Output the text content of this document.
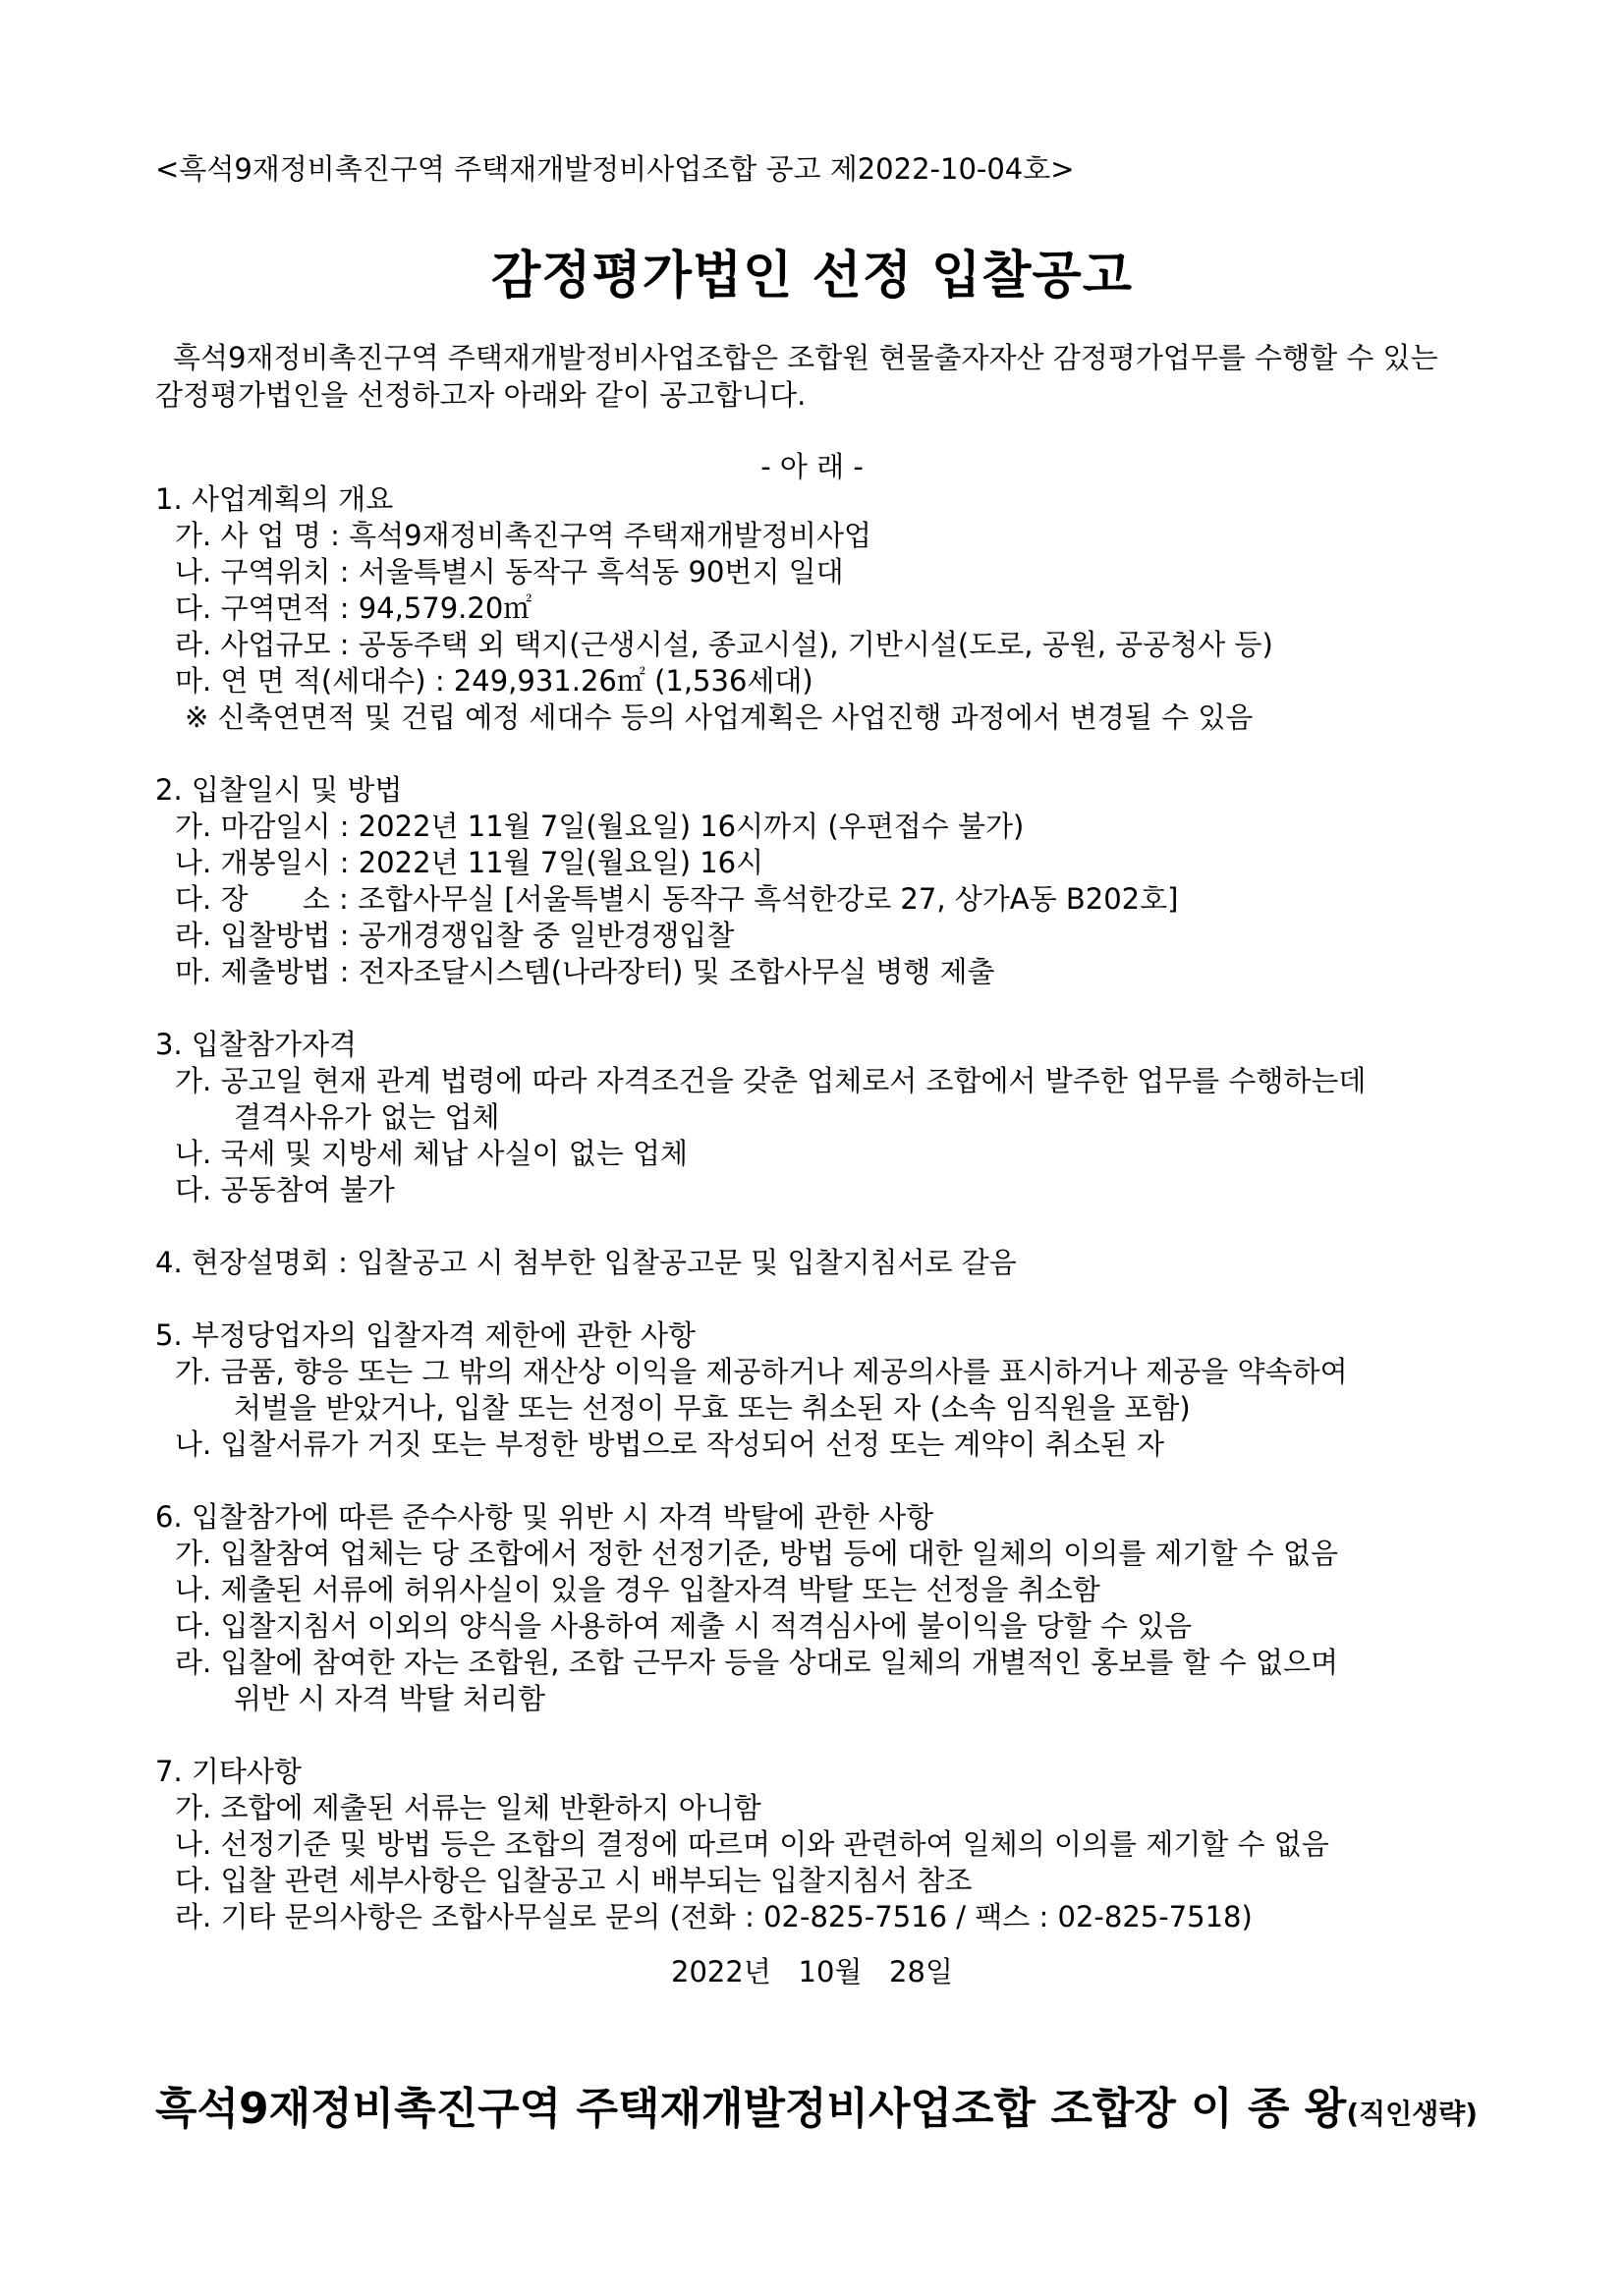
<흑석9재정비촉진구역 주택재개발정비사업조합 공고 제2022-10-04호>
감정평가법인 선정 입찰공고
흑석9재정비촉진구역 주택재개발정비사업조합은 조합원 현물출자자산 감정평가업무를 수행할 수 있는
감정평가법인을 선정하고자 아래와 같이 공고합니다.
- 아 래 -
1. 사업계획의 개요
가. 사 업 명 : 흑석9재정비촉진구역 주택재개발정비사업
나. 구역위치 : 서울특별시 동작구 흑석동 90번지 일대
다. 구역면적 : 94,579.20㎡
라. 사업규모 : 공동주택 외 택지(근생시설, 종교시설), 기반시설(도로, 공원, 공공청사 등)
마. 연 면 적(세대수) : 249,931.26㎡ (1,536세대)
※ 신축연면적 및 건립 예정 세대수 등의 사업계획은 사업진행 과정에서 변경될 수 있음
2. 입찰일시 및 방법
가. 마감일시 : 2022년 11월 7일(월요일) 16시까지 (우편접수 불가)
나. 개봉일시 : 2022년 11월 7일(월요일) 16시
다. 장      소 : 조합사무실 [서울특별시 동작구 흑석한강로 27, 상가A동 B202호]
라. 입찰방법 : 공개경쟁입찰 중 일반경쟁입찰
마. 제출방법 : 전자조달시스템(나라장터) 및 조합사무실 병행 제출
3. 입찰참가자격
가. 공고일 현재 관계 법령에 따라 자격조건을 갖춘 업체로서 조합에서 발주한 업무를 수행하는데
결격사유가 없는 업체
나. 국세 및 지방세 체납 사실이 없는 업체
다. 공동참여 불가
4. 현장설명회 : 입찰공고 시 첨부한 입찰공고문 및 입찰지침서로 갈음
5. 부정당업자의 입찰자격 제한에 관한 사항
가. 금품, 향응 또는 그 밖의 재산상 이익을 제공하거나 제공의사를 표시하거나 제공을 약속하여
처벌을 받았거나, 입찰 또는 선정이 무효 또는 취소된 자 (소속 임직원을 포함)
나. 입찰서류가 거짓 또는 부정한 방법으로 작성되어 선정 또는 계약이 취소된 자
6. 입찰참가에 따른 준수사항 및 위반 시 자격 박탈에 관한 사항
가. 입찰참여 업체는 당 조합에서 정한 선정기준, 방법 등에 대한 일체의 이의를 제기할 수 없음
나. 제출된 서류에 허위사실이 있을 경우 입찰자격 박탈 또는 선정을 취소함
다. 입찰지침서 이외의 양식을 사용하여 제출 시 적격심사에 불이익을 당할 수 있음
라. 입찰에 참여한 자는 조합원, 조합 근무자 등을 상대로 일체의 개별적인 홍보를 할 수 없으며
위반 시 자격 박탈 처리함
7. 기타사항
가. 조합에 제출된 서류는 일체 반환하지 아니함
나. 선정기준 및 방법 등은 조합의 결정에 따르며 이와 관련하여 일체의 이의를 제기할 수 없음
다. 입찰 관련 세부사항은 입찰공고 시 배부되는 입찰지침서 참조
라. 기타 문의사항은 조합사무실로 문의 (전화 : 02-825-7516 / 팩스 : 02-825-7518)
2022년   10월   28일
흑석9재정비촉진구역 주택재개발정비사업조합 조합장 이 종 왕(직인생략)
